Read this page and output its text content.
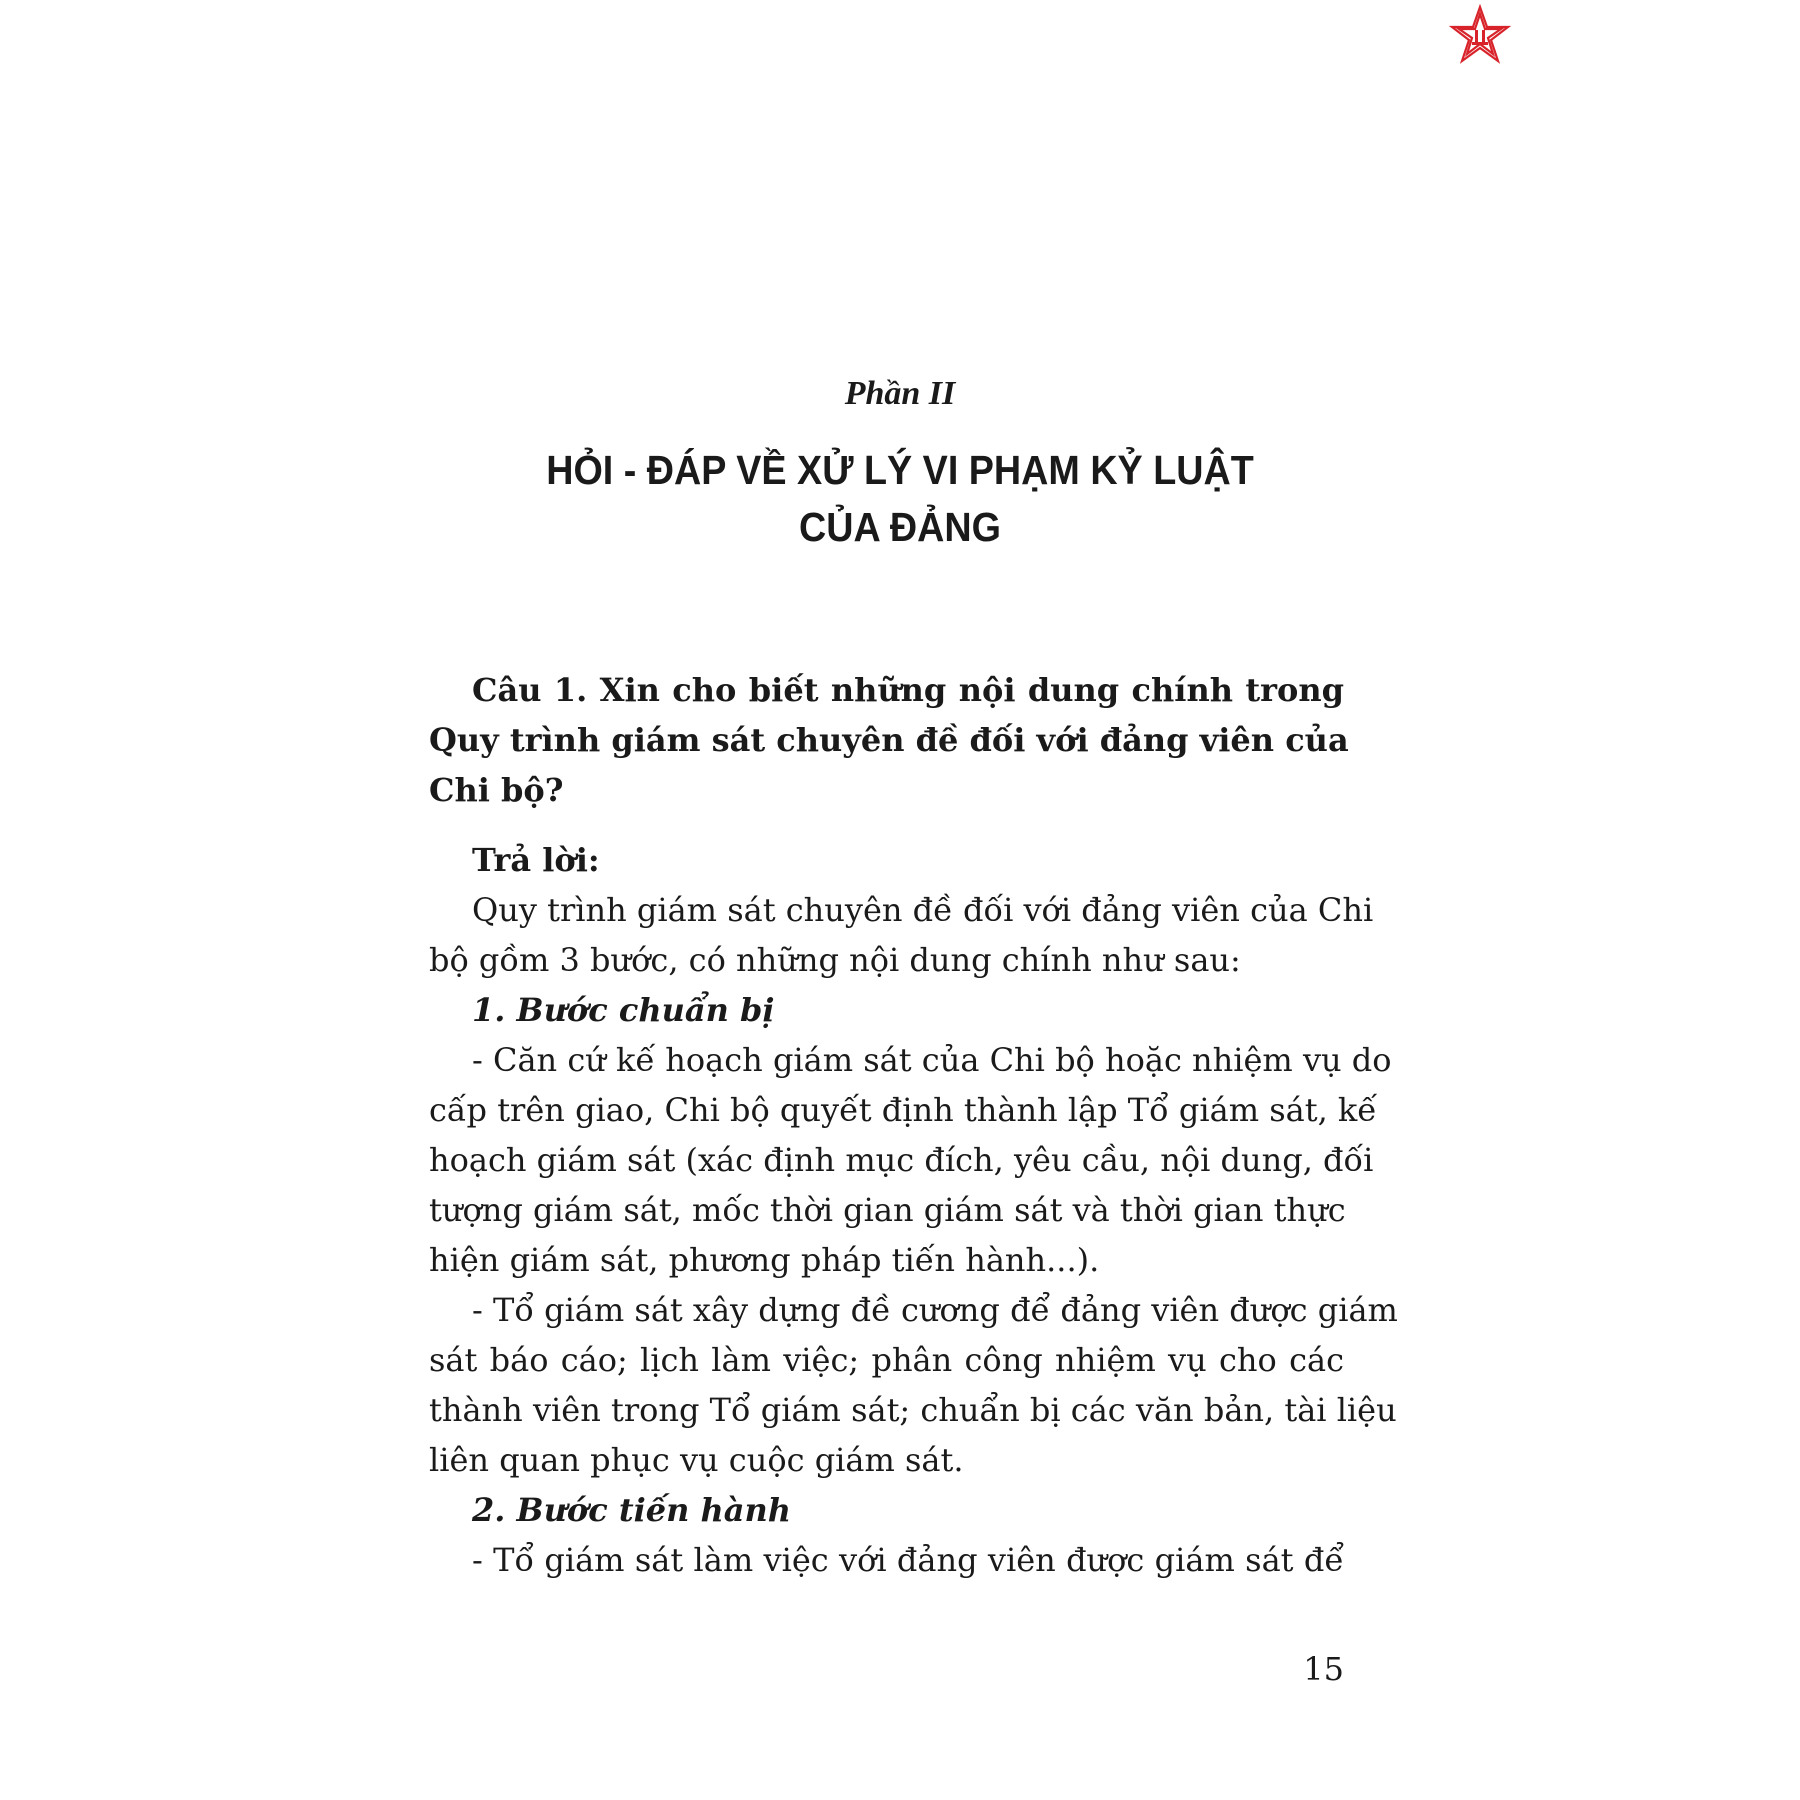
Phần II
HỎI - ĐÁP VỀ XỬ LÝ VI PHẠM KỶ LUẬT
CỦA ĐẢNG
Câu 1. Xin cho biết những nội dung chính trong
Quy trình giám sát chuyên đề đối với đảng viên của
Chi bộ?
Trả lời:
Quy trình giám sát chuyên đề đối với đảng viên của Chi
bộ gồm 3 bước, có những nội dung chính như sau:
1. Bước chuẩn bị
- Căn cứ kế hoạch giám sát của Chi bộ hoặc nhiệm vụ do
cấp trên giao, Chi bộ quyết định thành lập Tổ giám sát, kế
hoạch giám sát (xác định mục đích, yêu cầu, nội dung, đối
tượng giám sát, mốc thời gian giám sát và thời gian thực
hiện giám sát, phương pháp tiến hành...).
- Tổ giám sát xây dựng đề cương để đảng viên được giám
sát báo cáo; lịch làm việc; phân công nhiệm vụ cho các
thành viên trong Tổ giám sát; chuẩn bị các văn bản, tài liệu
liên quan phục vụ cuộc giám sát.
2. Bước tiến hành
- Tổ giám sát làm việc với đảng viên được giám sát để
15
